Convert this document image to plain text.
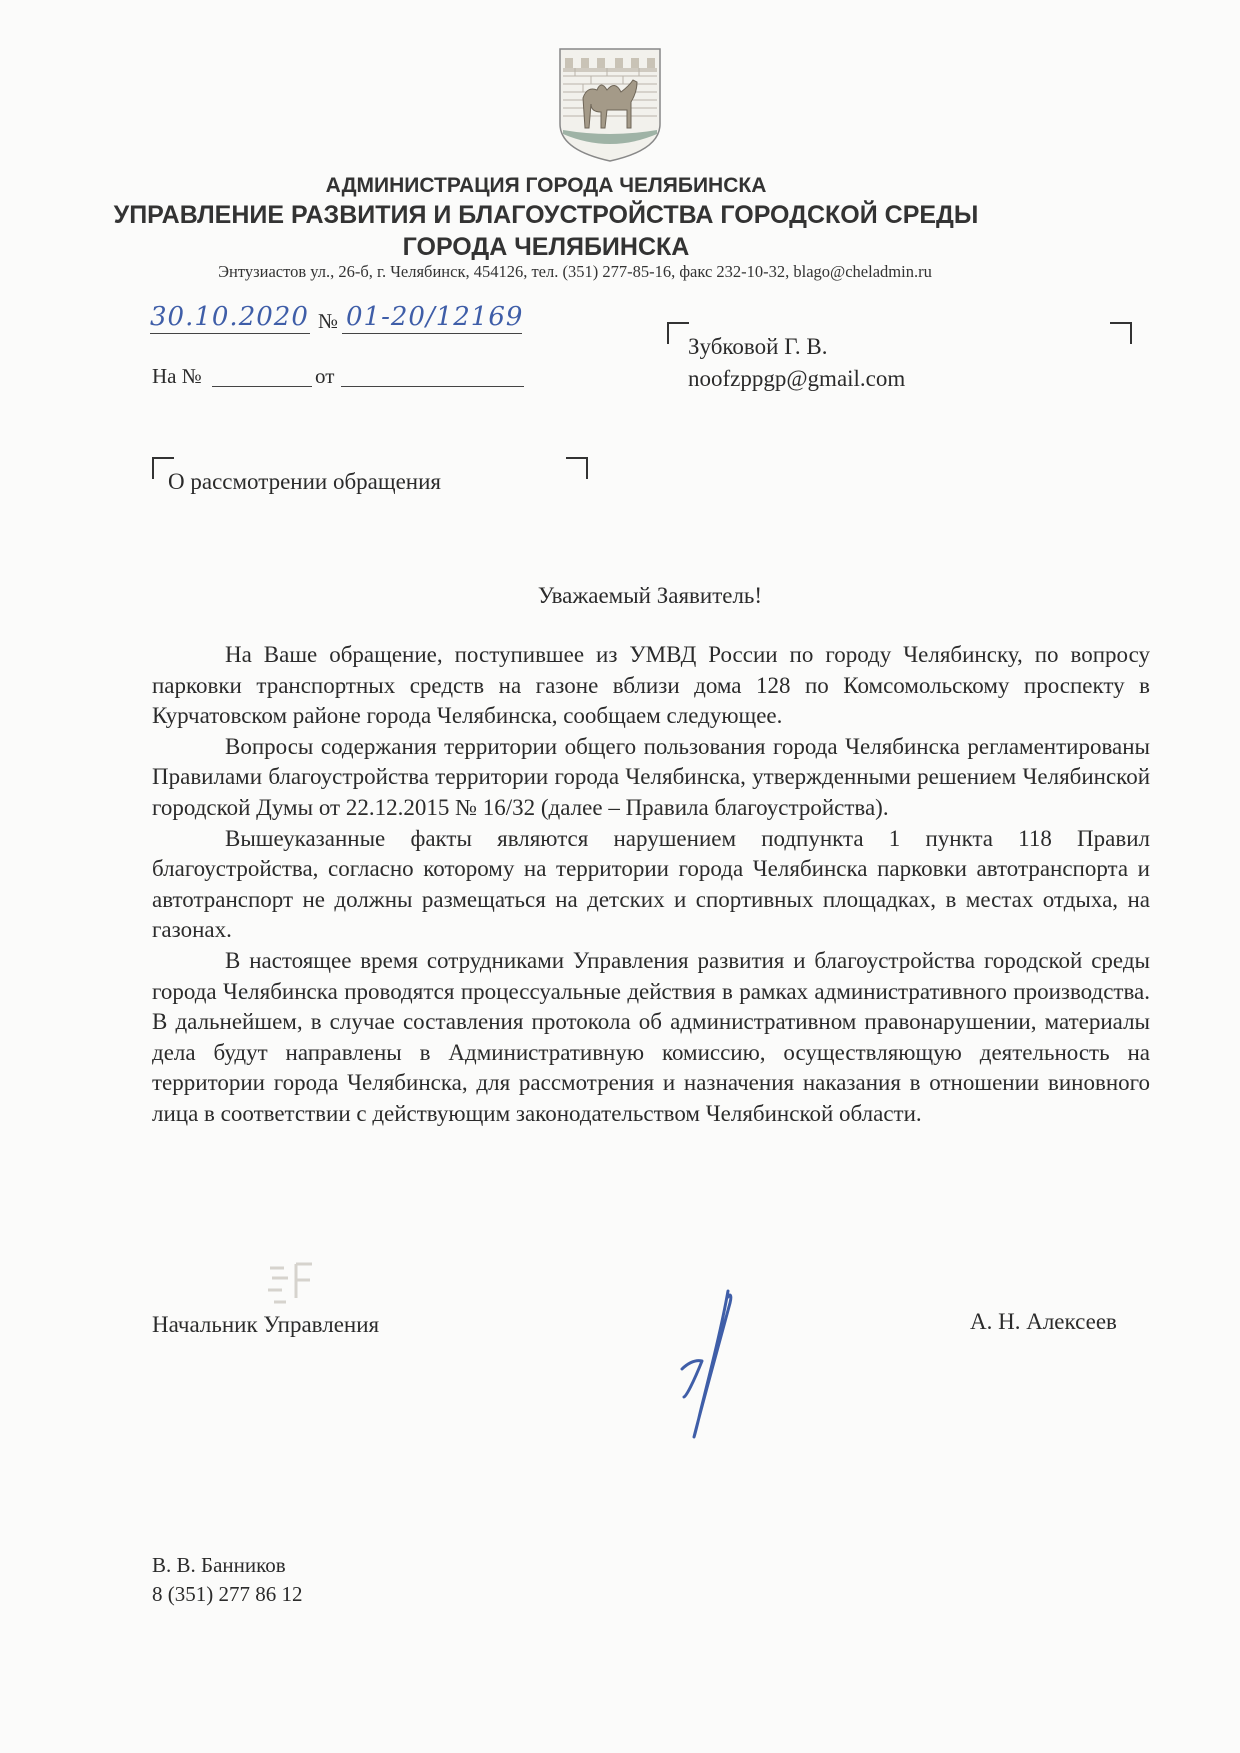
АДМИНИСТРАЦИЯ ГОРОДА ЧЕЛЯБИНСКА
УПРАВЛЕНИЕ РАЗВИТИЯ И БЛАГОУСТРОЙСТВА ГОРОДСКОЙ СРЕДЫ
ГОРОДА ЧЕЛЯБИНСКА
Энтузиастов ул., 26-б, г. Челябинск, 454126, тел. (351) 277-85-16, факс 232-10-32, blago@cheladmin.ru
30.10.2020 № 01-20/12169
На №	от
Зубковой Г. В.
noofzppgp@gmail.com
О рассмотрении обращения
Уважаемый Заявитель!

На Ваше обращение, поступившее из УМВД России по городу Челябинску, по вопросу парковки транспортных средств на газоне вблизи дома 128 по Комсомольскому проспекту в Курчатовском районе города Челябинска, сообщаем следующее.

Вопросы содержания территории общего пользования города Челябинска регламентированы Правилами благоустройства территории города Челябинска, утвержденными решением Челябинской городской Думы от 22.12.2015 № 16/32 (далее – Правила благоустройства).

Вышеуказанные факты являются нарушением подпункта 1 пункта 118 Правил благоустройства, согласно которому на территории города Челябинска парковки автотранспорта и автотранспорт не должны размещаться на детских и спортивных площадках, в местах отдыха, на газонах.

В настоящее время сотрудниками Управления развития и благоустройства городской среды города Челябинска проводятся процессуальные действия в рамках административного производства. В дальнейшем, в случае составления протокола об административном правонарушении, материалы дела будут направлены в Административную комиссию, осуществляющую деятельность на территории города Челябинска, для рассмотрения и назначения наказания в отношении виновного лица в соответствии с действующим законодательством Челябинской области.

Начальник Управления	А. Н. Алексеев
В. В. Банников
8 (351) 277 86 12
